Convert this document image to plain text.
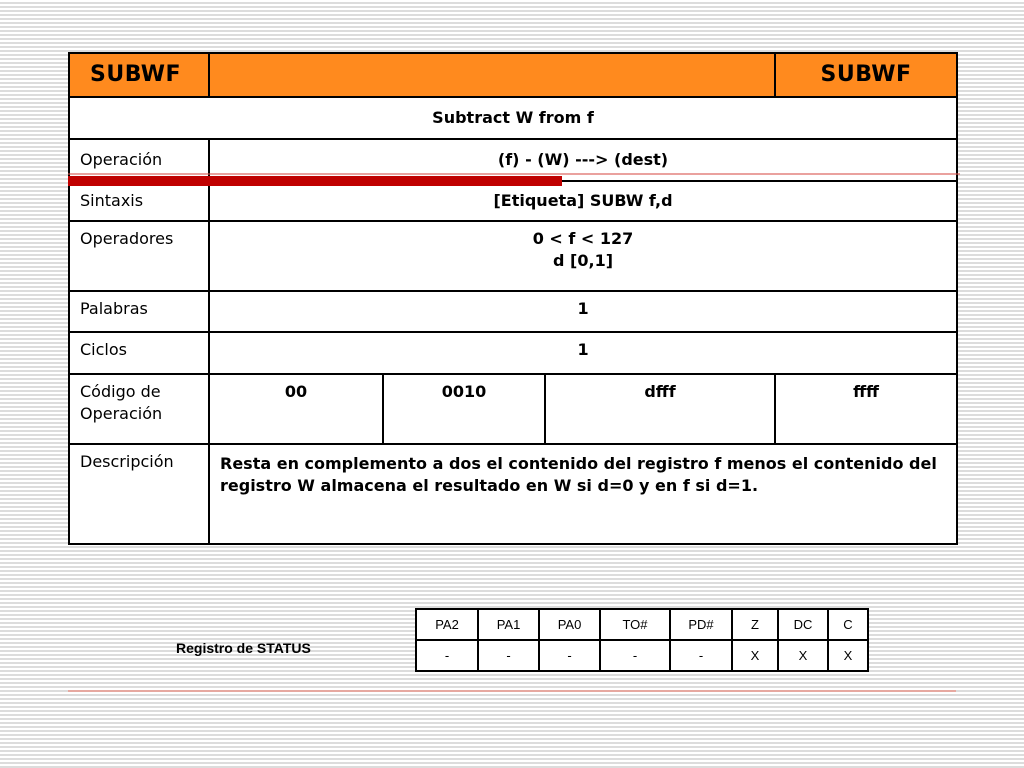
SUBWF				SUBWF
Subtract W from f				
Operación	(f) - (W) ---> (dest)			
Sintaxis	[Etiqueta] SUBW f,d			
Operadores	0 < f < 127
d [0,1]			

Palabras	1			
Ciclos	1			

Código de
Operación	00	0010	dfff	ffff
Descripción	Resta en complemento a dos el contenido del registro f menos el contenido del registro W almacena el resultado en W si d=0 y en f si d=1.			
Registro de STATUS
PA2	PA1	PA0	TO#	PD#	Z	DC	C
-	-	-	-	-	X	X	X
